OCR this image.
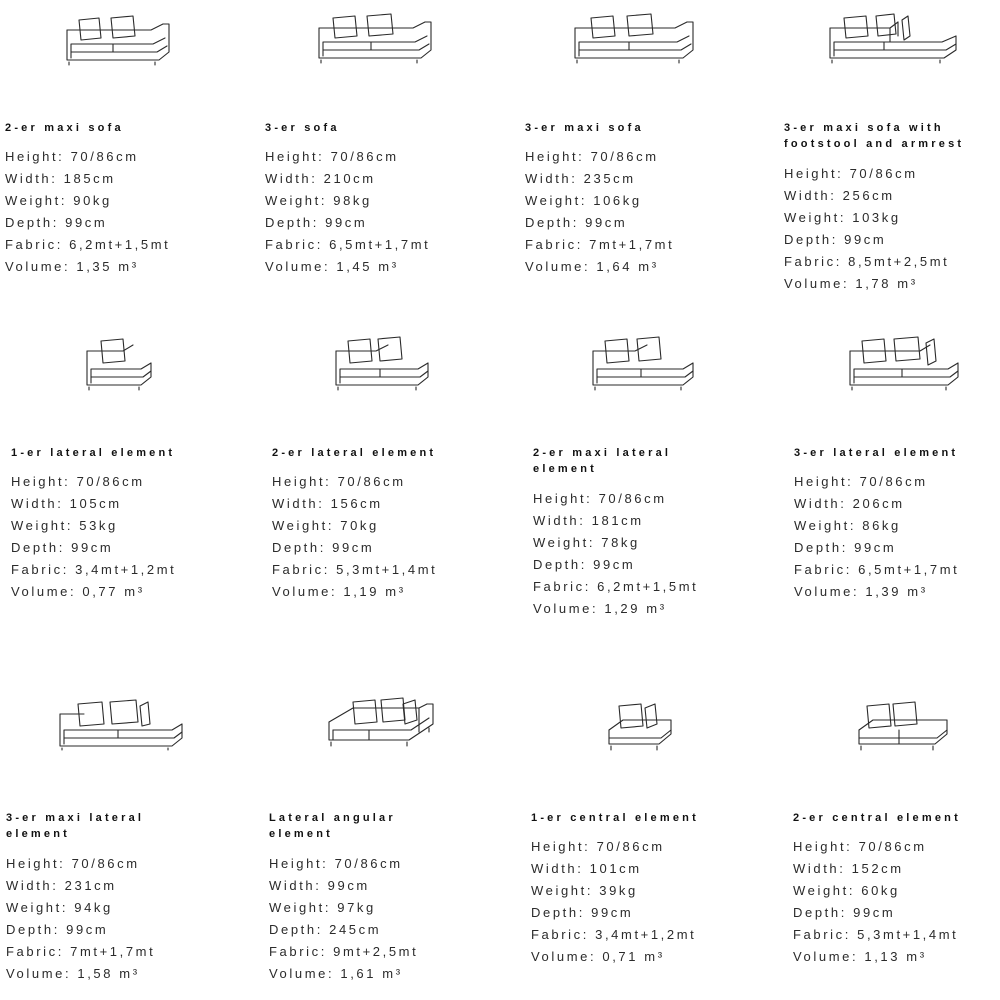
2-er maxi sofa
Height: 70/86cm
Width: 185cm
Weight: 90kg
Depth: 99cm
Fabric: 6,2mt+1,5mt
Volume: 1,35 m³
3-er sofa
Height: 70/86cm
Width: 210cm
Weight: 98kg
Depth: 99cm
Fabric: 6,5mt+1,7mt
Volume: 1,45 m³
3-er maxi sofa
Height: 70/86cm
Width: 235cm
Weight: 106kg
Depth: 99cm
Fabric: 7mt+1,7mt
Volume: 1,64 m³
3-er maxi sofa with
footstool and armrest
Height: 70/86cm
Width: 256cm
Weight: 103kg
Depth: 99cm
Fabric: 8,5mt+2,5mt
Volume: 1,78 m³
1-er lateral element
Height: 70/86cm
Width: 105cm
Weight: 53kg
Depth: 99cm
Fabric: 3,4mt+1,2mt
Volume: 0,77 m³
2-er lateral element
Height: 70/86cm
Width: 156cm
Weight: 70kg
Depth: 99cm
Fabric: 5,3mt+1,4mt
Volume: 1,19 m³
2-er maxi lateral
element
Height: 70/86cm
Width: 181cm
Weight: 78kg
Depth: 99cm
Fabric: 6,2mt+1,5mt
Volume: 1,29 m³
3-er lateral element
Height: 70/86cm
Width: 206cm
Weight: 86kg
Depth: 99cm
Fabric: 6,5mt+1,7mt
Volume: 1,39 m³
3-er maxi lateral
element
Height: 70/86cm
Width: 231cm
Weight: 94kg
Depth: 99cm
Fabric: 7mt+1,7mt
Volume: 1,58 m³
Lateral angular
element
Height: 70/86cm
Width: 99cm
Weight: 97kg
Depth: 245cm
Fabric: 9mt+2,5mt
Volume: 1,61 m³
1-er central element
Height: 70/86cm
Width: 101cm
Weight: 39kg
Depth: 99cm
Fabric: 3,4mt+1,2mt
Volume: 0,71 m³
2-er central element
Height: 70/86cm
Width: 152cm
Weight: 60kg
Depth: 99cm
Fabric: 5,3mt+1,4mt
Volume: 1,13 m³
